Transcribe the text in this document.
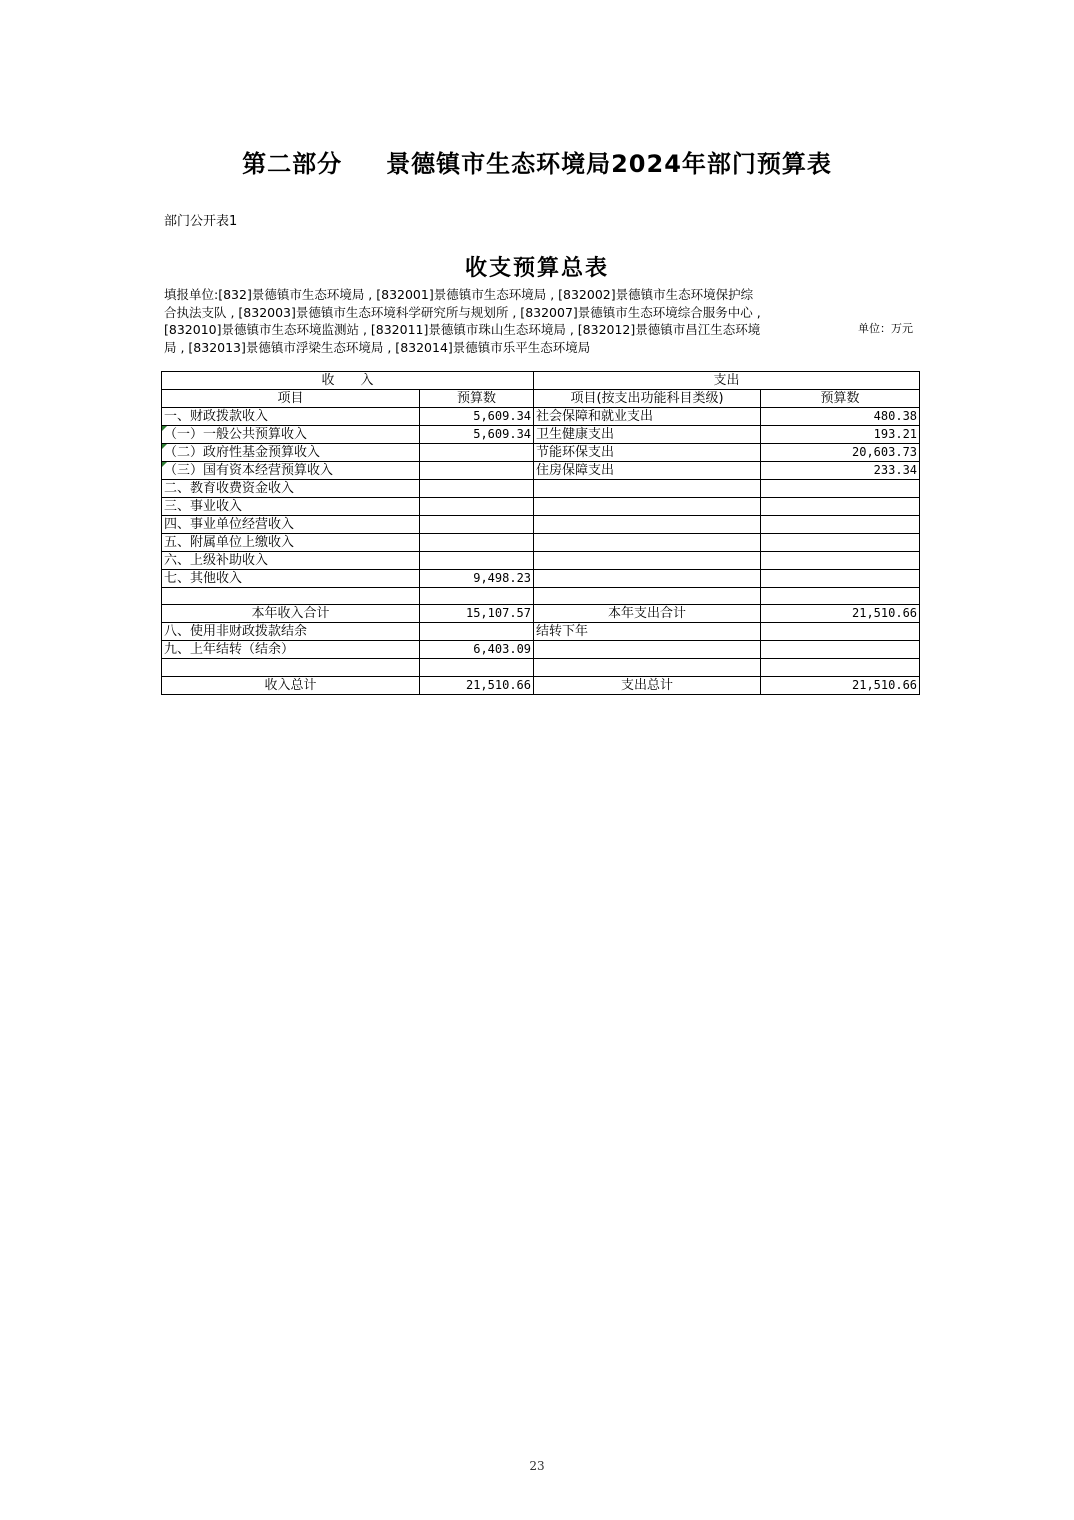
第二部分 景德镇市生态环境局2024年部门预算表
部门公开表1
收支预算总表
填报单位:[832]景德镇市生态环境局 , [832001]景德镇市生态环境局 , [832002]景德镇市生态环境保护综合执法支队 , [832003]景德镇市生态环境科学研究所与规划所 , [832007]景德镇市生态环境综合服务中心 , [832010]景德镇市生态环境监测站 , [832011]景德镇市珠山生态环境局 , [832012]景德镇市昌江生态环境局 , [832013]景德镇市浮梁生态环境局 , [832014]景德镇市乐平生态环境局
单位：万元
收　　入		支出	
项目	预算数	项目(按支出功能科目类级)	预算数
一、财政拨款收入	5,609.34	社会保障和就业支出	480.38
（一）一般公共预算收入	5,609.34	卫生健康支出	193.21
（二）政府性基金预算收入		节能环保支出	20,603.73
（三）国有资本经营预算收入		住房保障支出	233.34
二、教育收费资金收入			
三、事业收入			
四、事业单位经营收入			
五、附属单位上缴收入			
六、上级补助收入			
七、其他收入	9,498.23		

本年收入合计	15,107.57	本年支出合计	21,510.66
八、使用非财政拨款结余		结转下年	
九、上年结转（结余）	6,403.09		

收入总计	21,510.66	支出总计	21,510.66
23
